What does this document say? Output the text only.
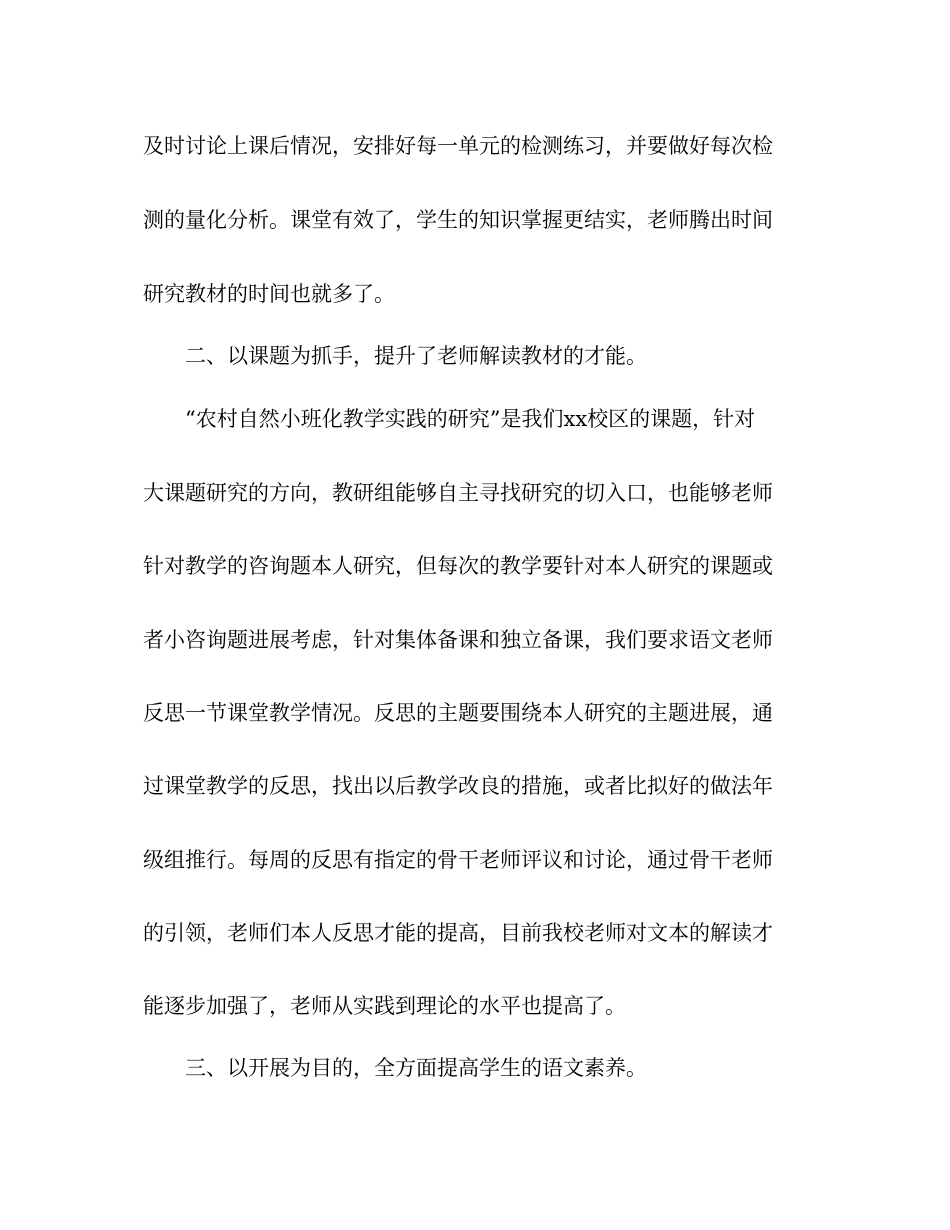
及时讨论上课后情况，安排好每一单元的检测练习，并要做好每次检
测的量化分析。课堂有效了，学生的知识掌握更结实，老师腾出时间
研究教材的时间也就多了。
二、以课题为抓手，提升了老师解读教材的才能。
“农村自然小班化教学实践的研究”是我们xx校区的课题，针对
大课题研究的方向，教研组能够自主寻找研究的切入口，也能够老师
针对教学的咨询题本人研究，但每次的教学要针对本人研究的课题或
者小咨询题进展考虑，针对集体备课和独立备课，我们要求语文老师
反思一节课堂教学情况。反思的主题要围绕本人研究的主题进展，通
过课堂教学的反思，找出以后教学改良的措施，或者比拟好的做法年
级组推行。每周的反思有指定的骨干老师评议和讨论，通过骨干老师
的引领，老师们本人反思才能的提高，目前我校老师对文本的解读才
能逐步加强了，老师从实践到理论的水平也提高了。
三、以开展为目的，全方面提高学生的语文素养。
